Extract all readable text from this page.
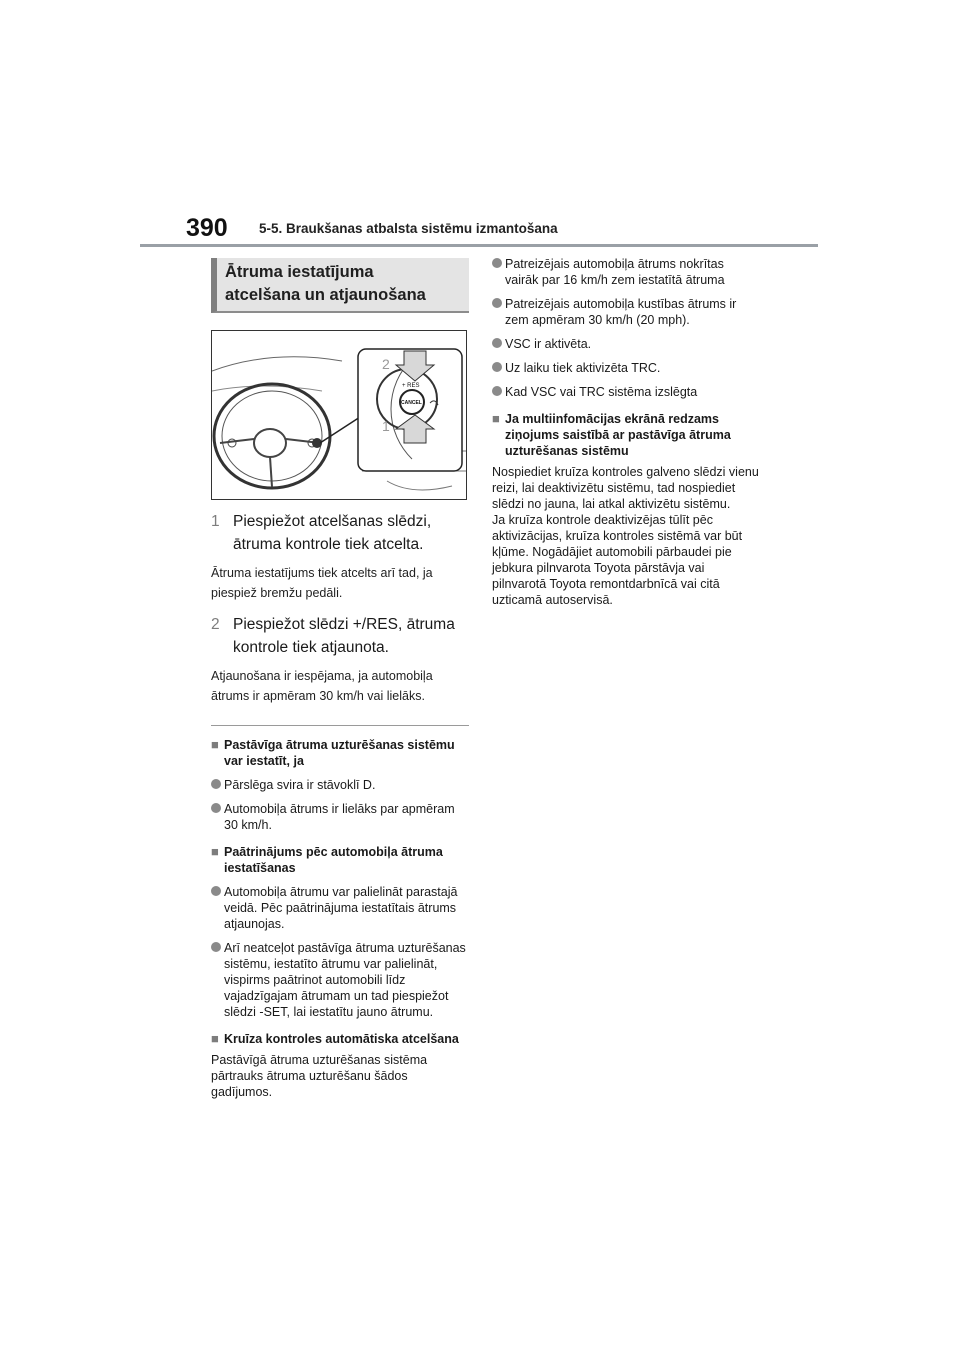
390 5-5. Braukšanas atbalsta sistēmu izmantošana
Ātruma iestatījuma
atcelšana un atjaunošana
CANCEL
+ RES
2
1
1 Piespiežot atcelšanas slēdzi, ātruma kontrole tiek atcelta.
Ātruma iestatījums tiek atcelts arī tad, ja piespiež bremžu pedāli.
2 Piespiežot slēdzi +/RES, ātruma kontrole tiek atjaunota.
Atjaunošana ir iespējama, ja automobiļa ātrums ir apmēram 30 km/h vai lielāks.
■ Pastāvīga ātruma uzturēšanas sistēmu var iestatīt, ja
Pārslēga svira ir stāvoklī D.
Automobiļa ātrums ir lielāks par apmēram 30 km/h.
■ Paātrinājums pēc automobiļa ātruma iestatīšanas
Automobiļa ātrumu var palielināt parastajā veidā. Pēc paātrinājuma iestatītais ātrums atjaunojas.
Arī neatceļot pastāvīga ātruma uzturēšanas sistēmu, iestatīto ātrumu var palielināt, vispirms paātrinot automobili līdz vajadzīgajam ātrumam un tad piespiežot slēdzi -SET, lai iestatītu jauno ātrumu.
■ Kruīza kontroles automātiska atcelšana
Pastāvīgā ātruma uzturēšanas sistēma pārtrauks ātruma uzturēšanu šādos gadījumos.
Patreizējais automobiļa ātrums nokrītas vairāk par 16 km/h zem iestatītā ātruma
Patreizējais automobiļa kustības ātrums ir zem apmēram 30 km/h (20 mph).
VSC ir aktivēta.
Uz laiku tiek aktivizēta TRC.
Kad VSC vai TRC sistēma izslēgta
■ Ja multiinfomācijas ekrānā redzams ziņojums saistībā ar pastāvīga ātruma uzturēšanas sistēmu
Nospiediet kruīza kontroles galveno slēdzi vienu reizi, lai deaktivizētu sistēmu, tad nospiediet slēdzi no jauna, lai atkal aktivizētu sistēmu.
Ja kruīza kontrole deaktivizējas tūlīt pēc aktivizācijas, kruīza kontroles sistēmā var būt kļūme. Nogādājiet automobili pārbaudei pie jebkura pilnvarota Toyota pārstāvja vai pilnvarotā Toyota remontdarbnīcā vai citā uzticamā autoservisā.
